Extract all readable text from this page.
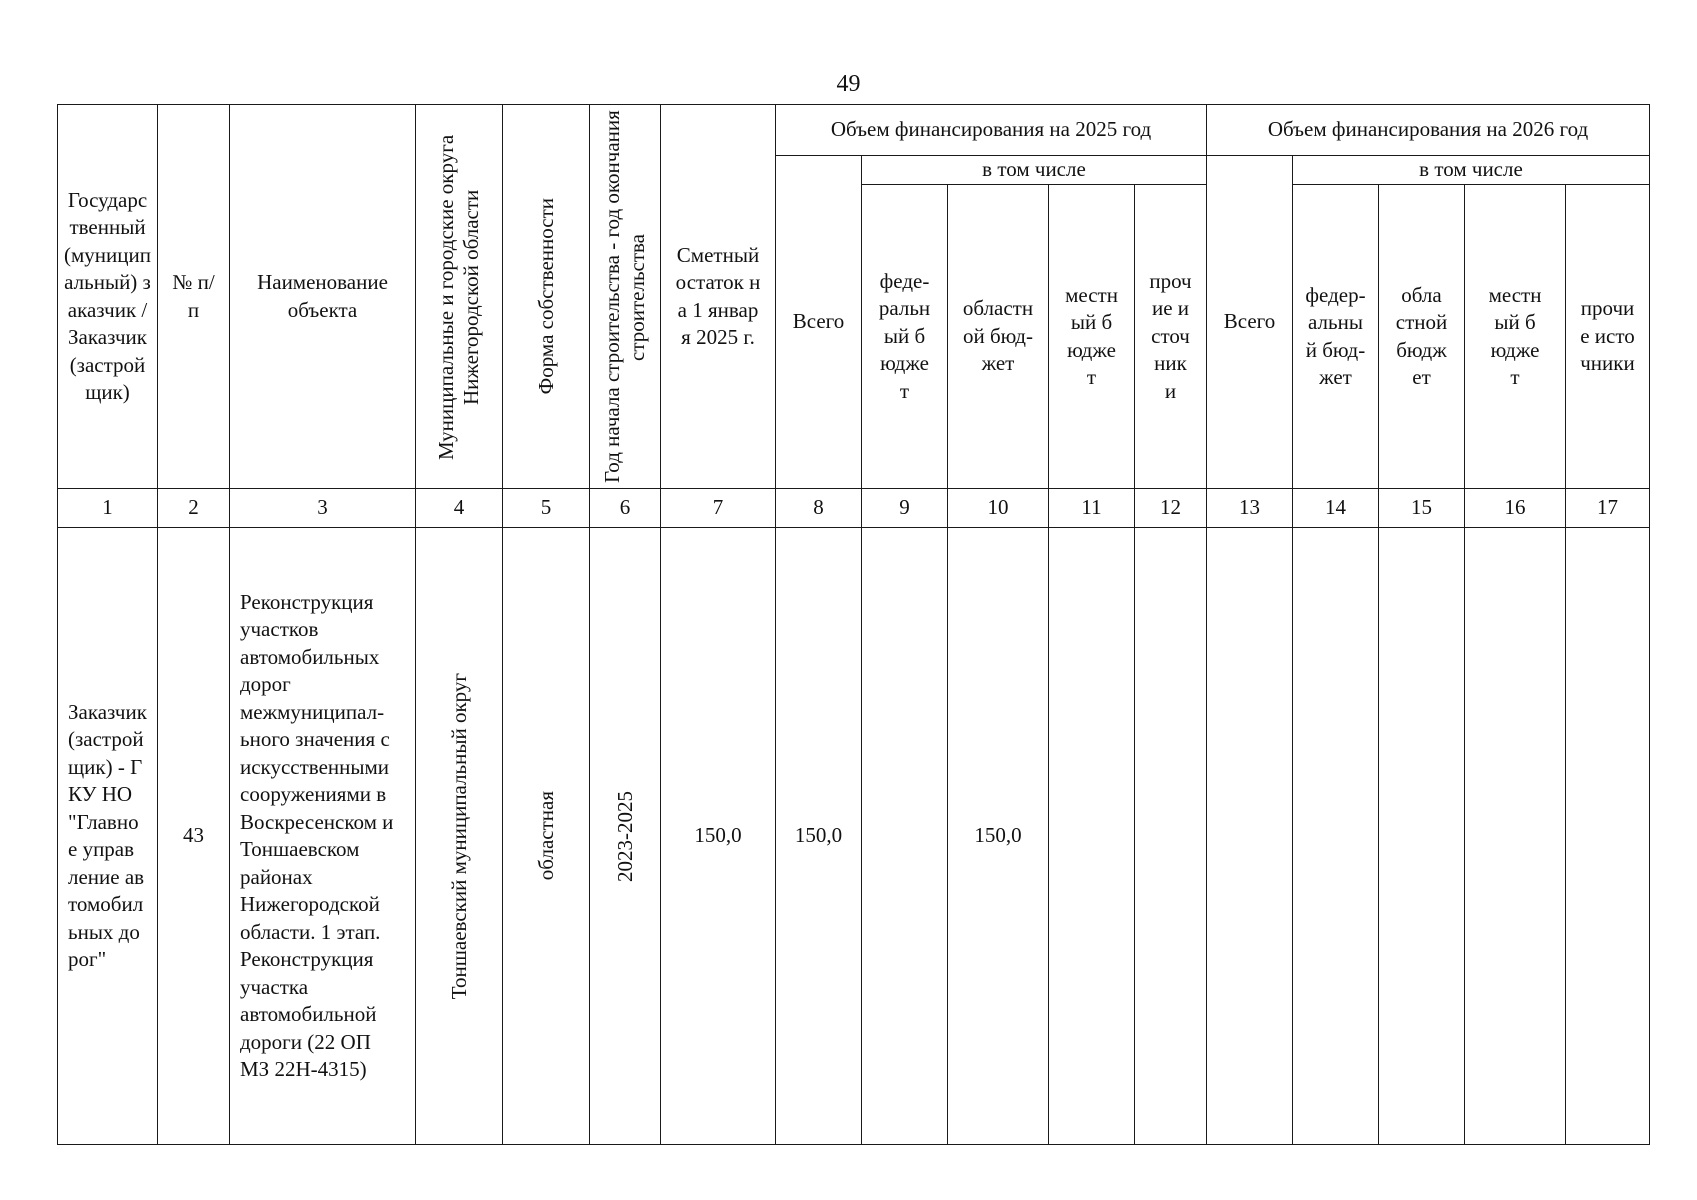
49
Государственный (муниципальный) заказчик / Заказчик (застройщик)	№ п/п	Наименование объекта	Муниципальные и городские округа Нижегородской области	Форма собственности	Год начала строительства - год окончания строительства	Сметный остаток на 1 января 2025 г.	Объем финансирования на 2025 год					Объем финансирования на 2026 год				
							Всего	в том числе				Всего	в том числе			

								федеральный бюджет	областной бюджет	местный бюджет	прочие источники		федеральный бюджет	областной бюджет	местный бюджет	прочие источники

1	2	3	4	5	6	7	8	9	10	11	12	13	14	15	16	17

Заказчик (застройщик) - ГКУ НО "Главное управление автомобильных дорог"	43	Реконструкция участков автомобильных дорог межмуниципального значения с искусственными сооружениями в Воскресенском и Тоншаевском районах Нижегородской области. 1 этап. Реконструкция участка автомобильной дороги (22 ОП МЗ 22Н-4315)	Тоншаевский муниципальный округ	областная	2023-2025	150,0	150,0		150,0							
